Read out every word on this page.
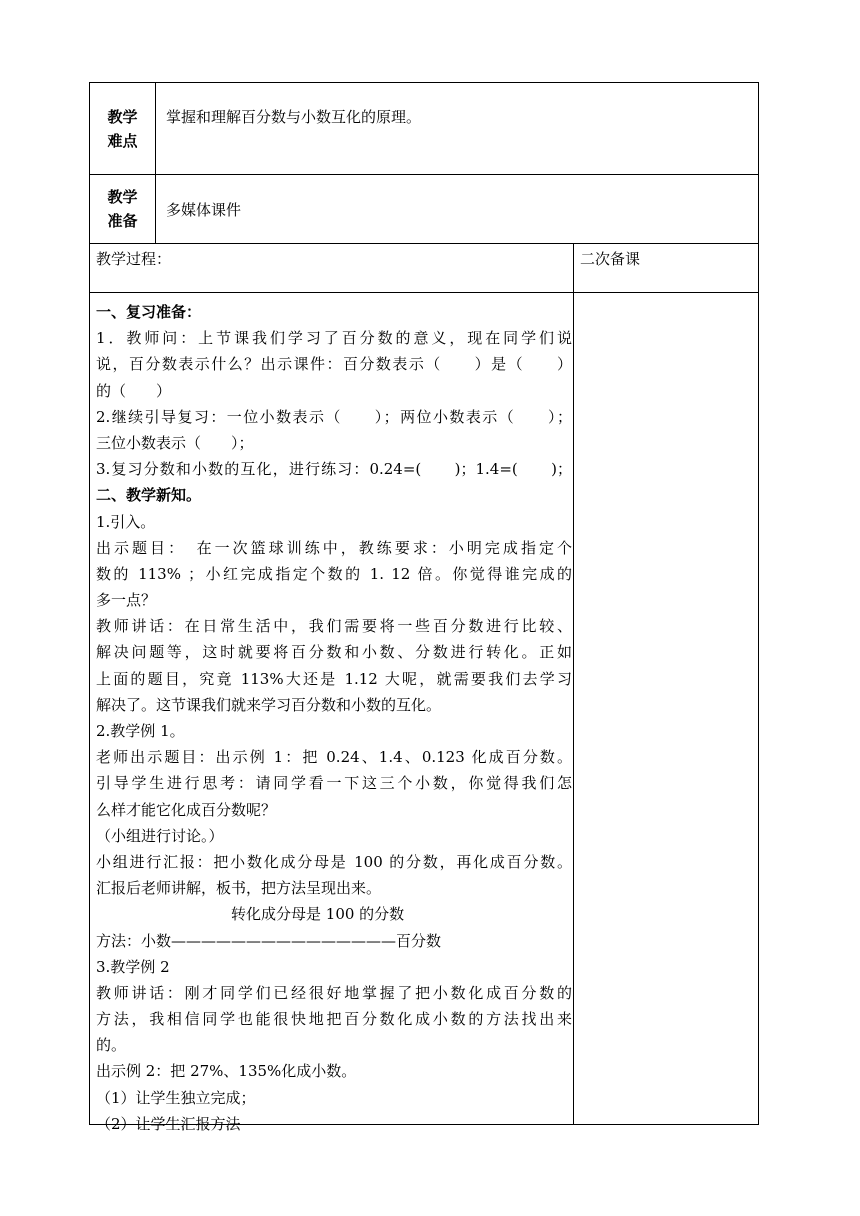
教学
难点
掌握和理解百分数与小数互化的原理。
教学
准备
多媒体课件
教学过程：	二次备课
一、复习准备：
1．教师问：上节课我们学习了百分数的意义，现在同学们说
说，百分数表示什么？出示课件：百分数表示（　　）是（　　）
的（　　）
2.继续引导复习：一位小数表示（　　）；两位小数表示（　　）；
三位小数表示（　　）；
3.复习分数和小数的互化，进行练习：0.24=(　　)；1.4=(　　)；
二、教学新知。
1.引入。
出示题目：　在一次篮球训练中，教练要求：小明完成指定个
数的 113% ；小红完成指定个数的 1. 12 倍。你觉得谁完成的
多一点？
教师讲话：在日常生活中，我们需要将一些百分数进行比较、
解决问题等，这时就要将百分数和小数、分数进行转化。正如
上面的题目，究竟 113%大还是 1.12 大呢，就需要我们去学习
解决了。这节课我们就来学习百分数和小数的互化。
2.教学例 1。
老师出示题目：出示例 1：把 0.24、1.4、0.123 化成百分数。
引导学生进行思考：请同学看一下这三个小数，你觉得我们怎
么样才能它化成百分数呢？
（小组进行讨论。）
小组进行汇报：把小数化成分母是 100 的分数，再化成百分数。
汇报后老师讲解，板书，把方法呈现出来。
　　　　　　　　　转化成分母是 100 的分数
方法：小数———————————————百分数
3.教学例 2
教师讲话：刚才同学们已经很好地掌握了把小数化成百分数的
方法，我相信同学也能很快地把百分数化成小数的方法找出来
的。
出示例 2：把 27%、135%化成小数。
（1）让学生独立完成；
（2）让学生汇报方法
